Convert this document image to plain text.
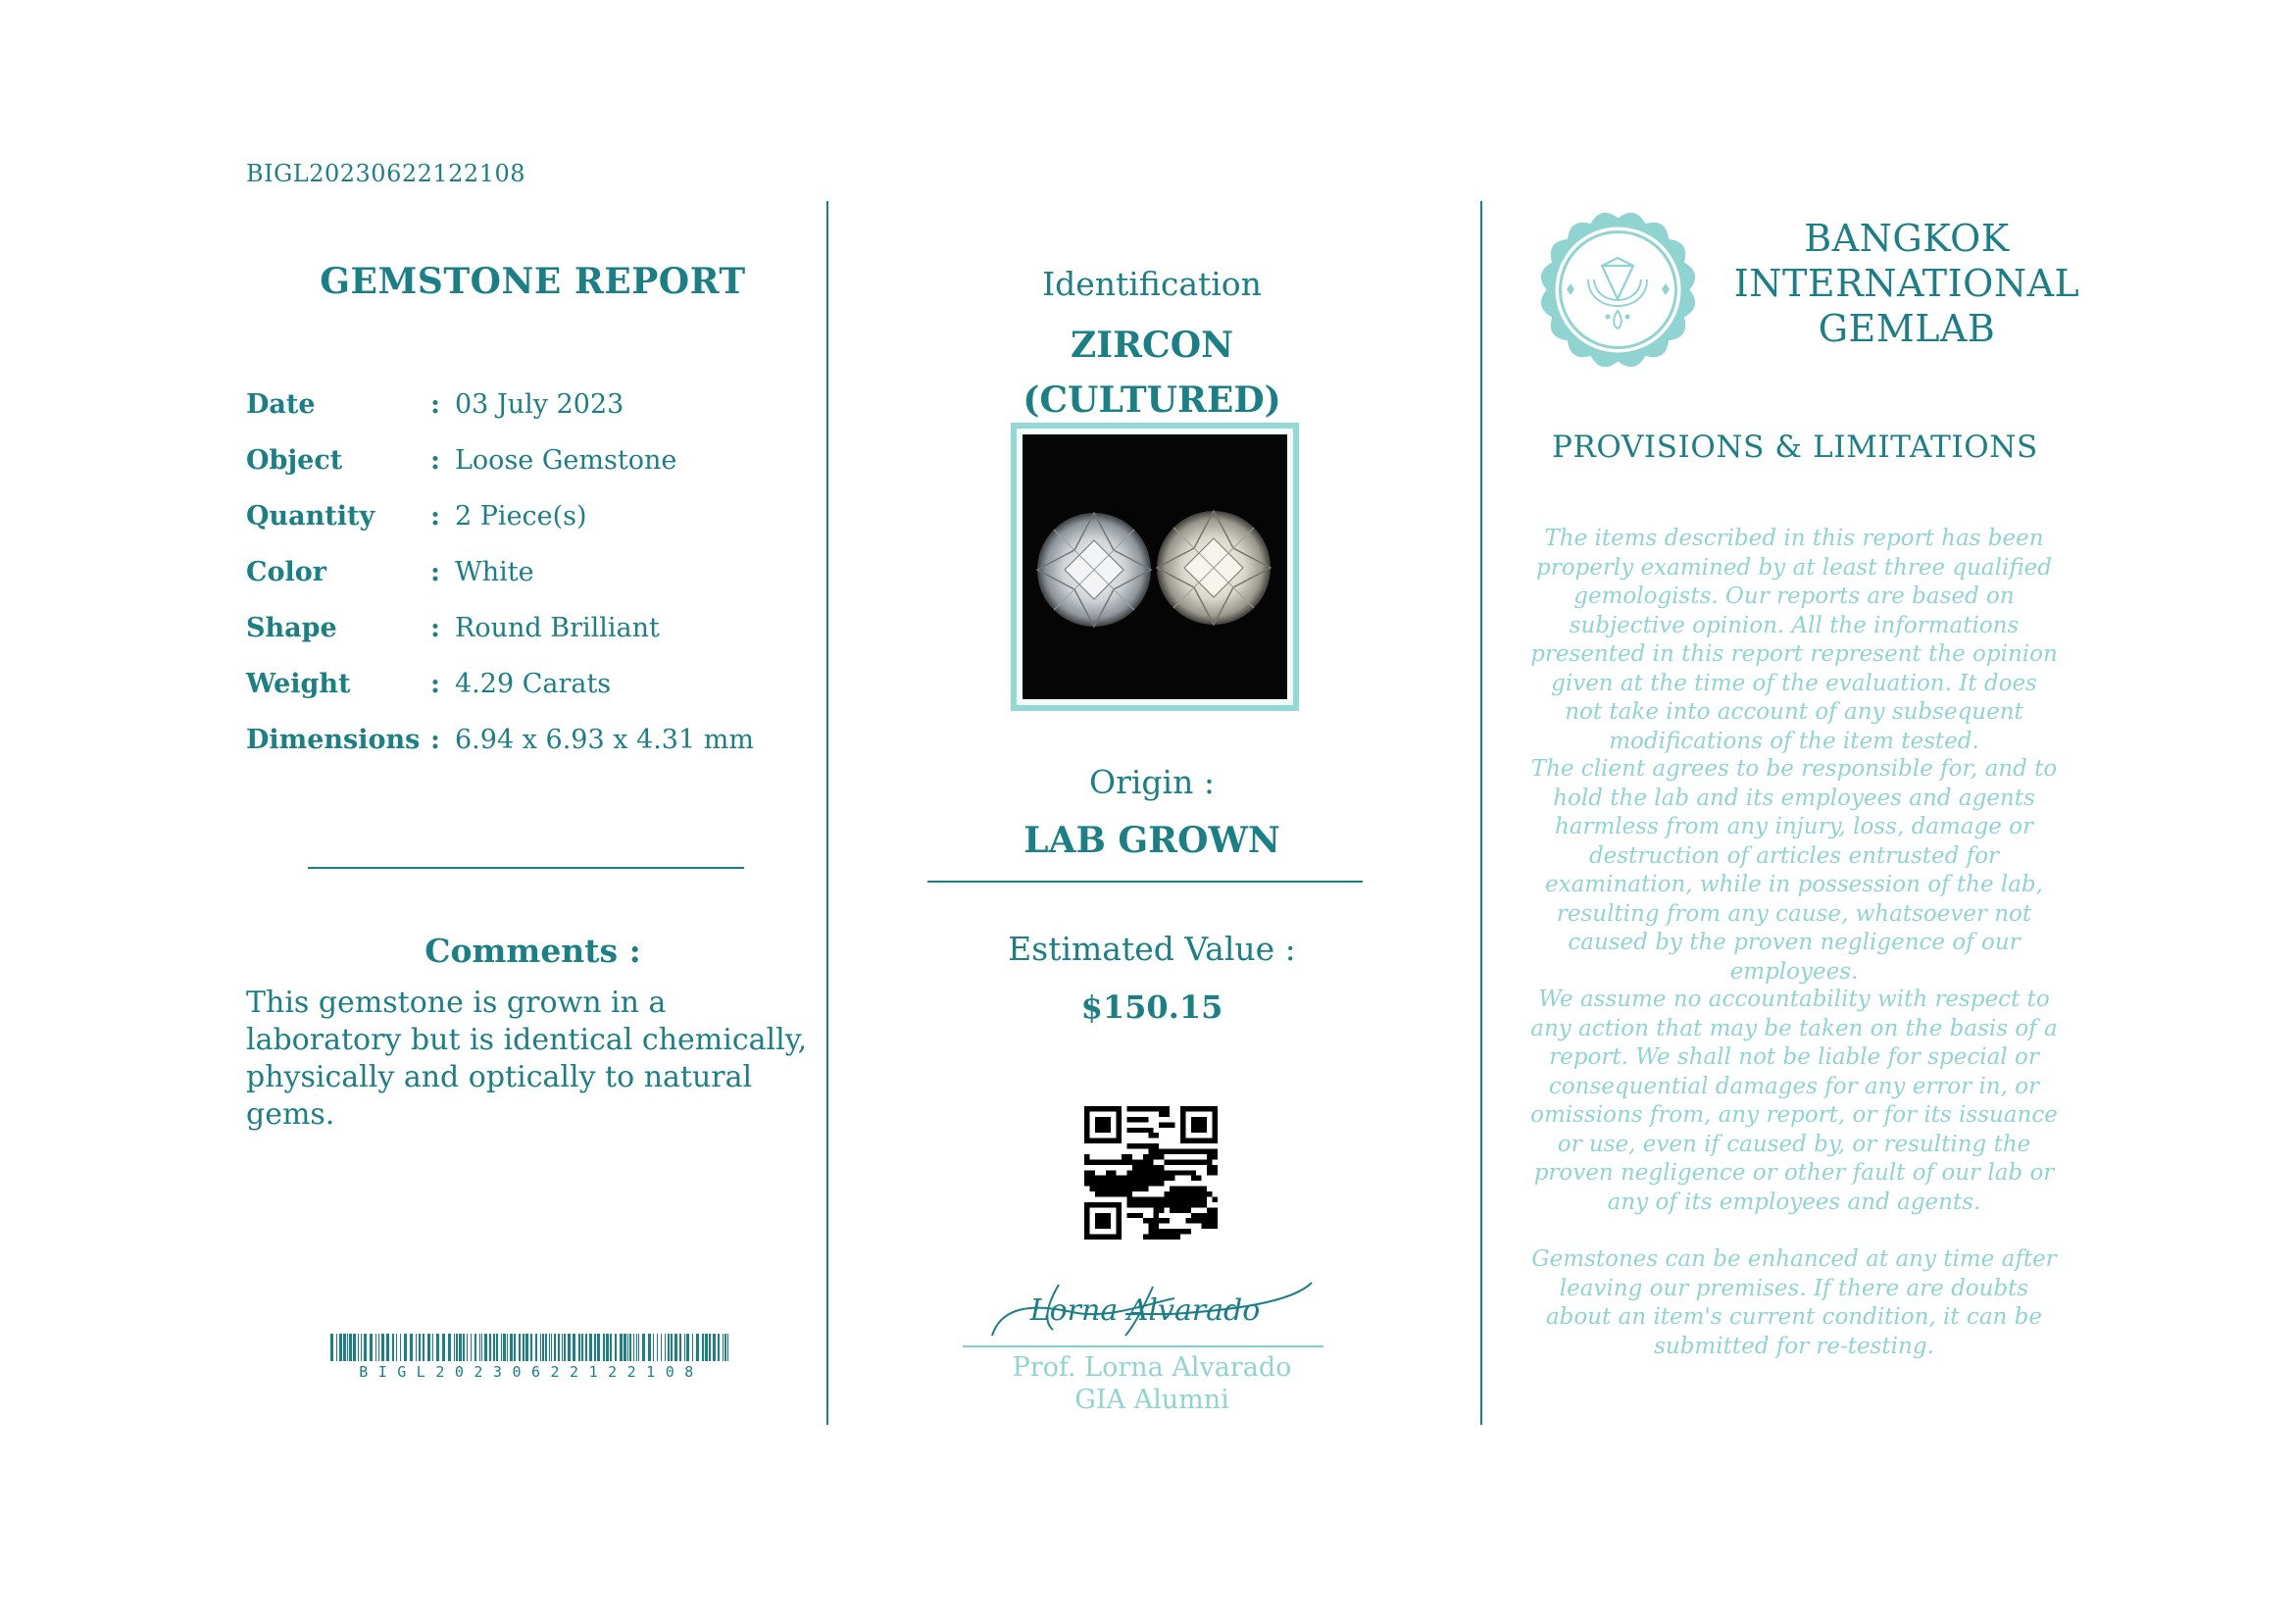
BIGL20230622122108
GEMSTONE REPORT
Date	: 03 July 2023
Object	: Loose Gemstone
Quantity	: 2 Piece(s)
Color	: White
Shape	: Round Brilliant
Weight	: 4.29 Carats
Dimensions : 6.94 x 6.93 x 4.31 mm
Comments :
This gemstone is grown in a laboratory but is identical chemically, physically and optically to natural gems.
BIGL20230622122108
Identification
ZIRCON
(CULTURED)
Origin :
LAB GROWN
Estimated Value :
$150.15
Lorna Alvarado
Prof. Lorna Alvarado
GIA Alumni
BANGKOK
INTERNATIONAL
GEMLAB
PROVISIONS & LIMITATIONS
The items described in this report has been properly examined by at least three qualified gemologists. Our reports are based on subjective opinion. All the informations presented in this report represent the opinion given at the time of the evaluation. It does not take into account of any subsequent modifications of the item tested.
The client agrees to be responsible for, and to hold the lab and its employees and agents harmless from any injury, loss, damage or destruction of articles entrusted for examination, while in possession of the lab, resulting from any cause, whatsoever not caused by the proven negligence of our employees.
We assume no accountability with respect to any action that may be taken on the basis of a report. We shall not be liable for special or consequential damages for any error in, or omissions from, any report, or for its issuance or use, even if caused by, or resulting the proven negligence or other fault of our lab or any of its employees and agents.
Gemstones can be enhanced at any time after leaving our premises. If there are doubts about an item's current condition, it can be submitted for re-testing.
